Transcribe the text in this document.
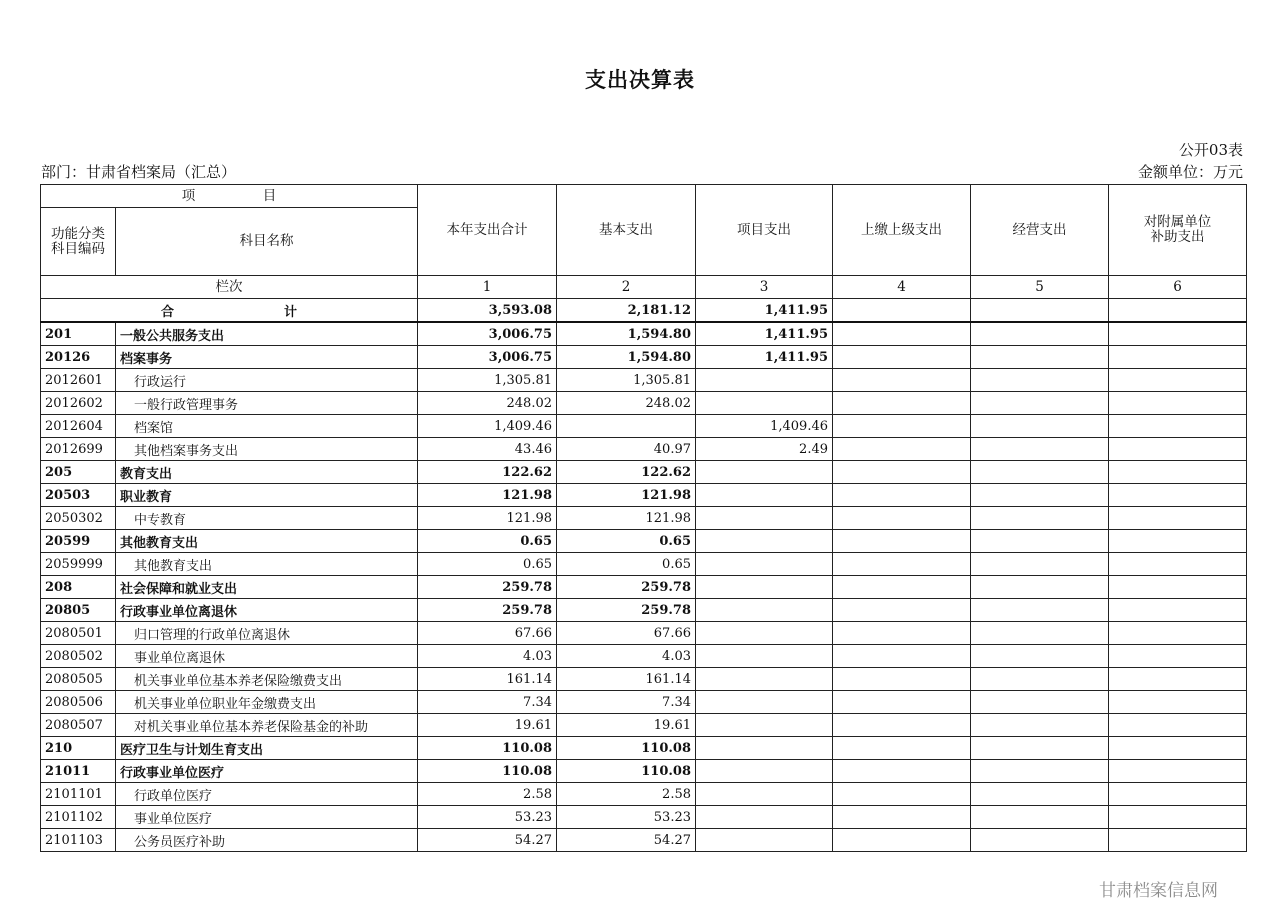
支出决算表
公开03表
部门：甘肃省档案局（汇总）	金额单位：万元
项　　　　　目		本年支出合计	基本支出	项目支出	上缴上级支出	经营支出	对附属单位
补助支出
功能分类
科目编码	科目名称						
栏次		1	2	3	4	5	6
合 计		3,593.08	2,181.12	1,411.95			
201	一般公共服务支出	3,006.75	1,594.80	1,411.95			
20126	档案事务	3,006.75	1,594.80	1,411.95			
2012601	行政运行	1,305.81	1,305.81				
2012602	一般行政管理事务	248.02	248.02				
2012604	档案馆	1,409.46		1,409.46			
2012699	其他档案事务支出	43.46	40.97	2.49			
205	教育支出	122.62	122.62				
20503	职业教育	121.98	121.98				
2050302	中专教育	121.98	121.98				
20599	其他教育支出	0.65	0.65				
2059999	其他教育支出	0.65	0.65				
208	社会保障和就业支出	259.78	259.78				
20805	行政事业单位离退休	259.78	259.78				
2080501	归口管理的行政单位离退休	67.66	67.66				
2080502	事业单位离退休	4.03	4.03				
2080505	机关事业单位基本养老保险缴费支出	161.14	161.14				
2080506	机关事业单位职业年金缴费支出	7.34	7.34				
2080507	对机关事业单位基本养老保险基金的补助	19.61	19.61				
210	医疗卫生与计划生育支出	110.08	110.08				
21011	行政事业单位医疗	110.08	110.08				
2101101	行政单位医疗	2.58	2.58				
2101102	事业单位医疗	53.23	53.23				
2101103	公务员医疗补助	54.27	54.27				
甘肃档案信息网
